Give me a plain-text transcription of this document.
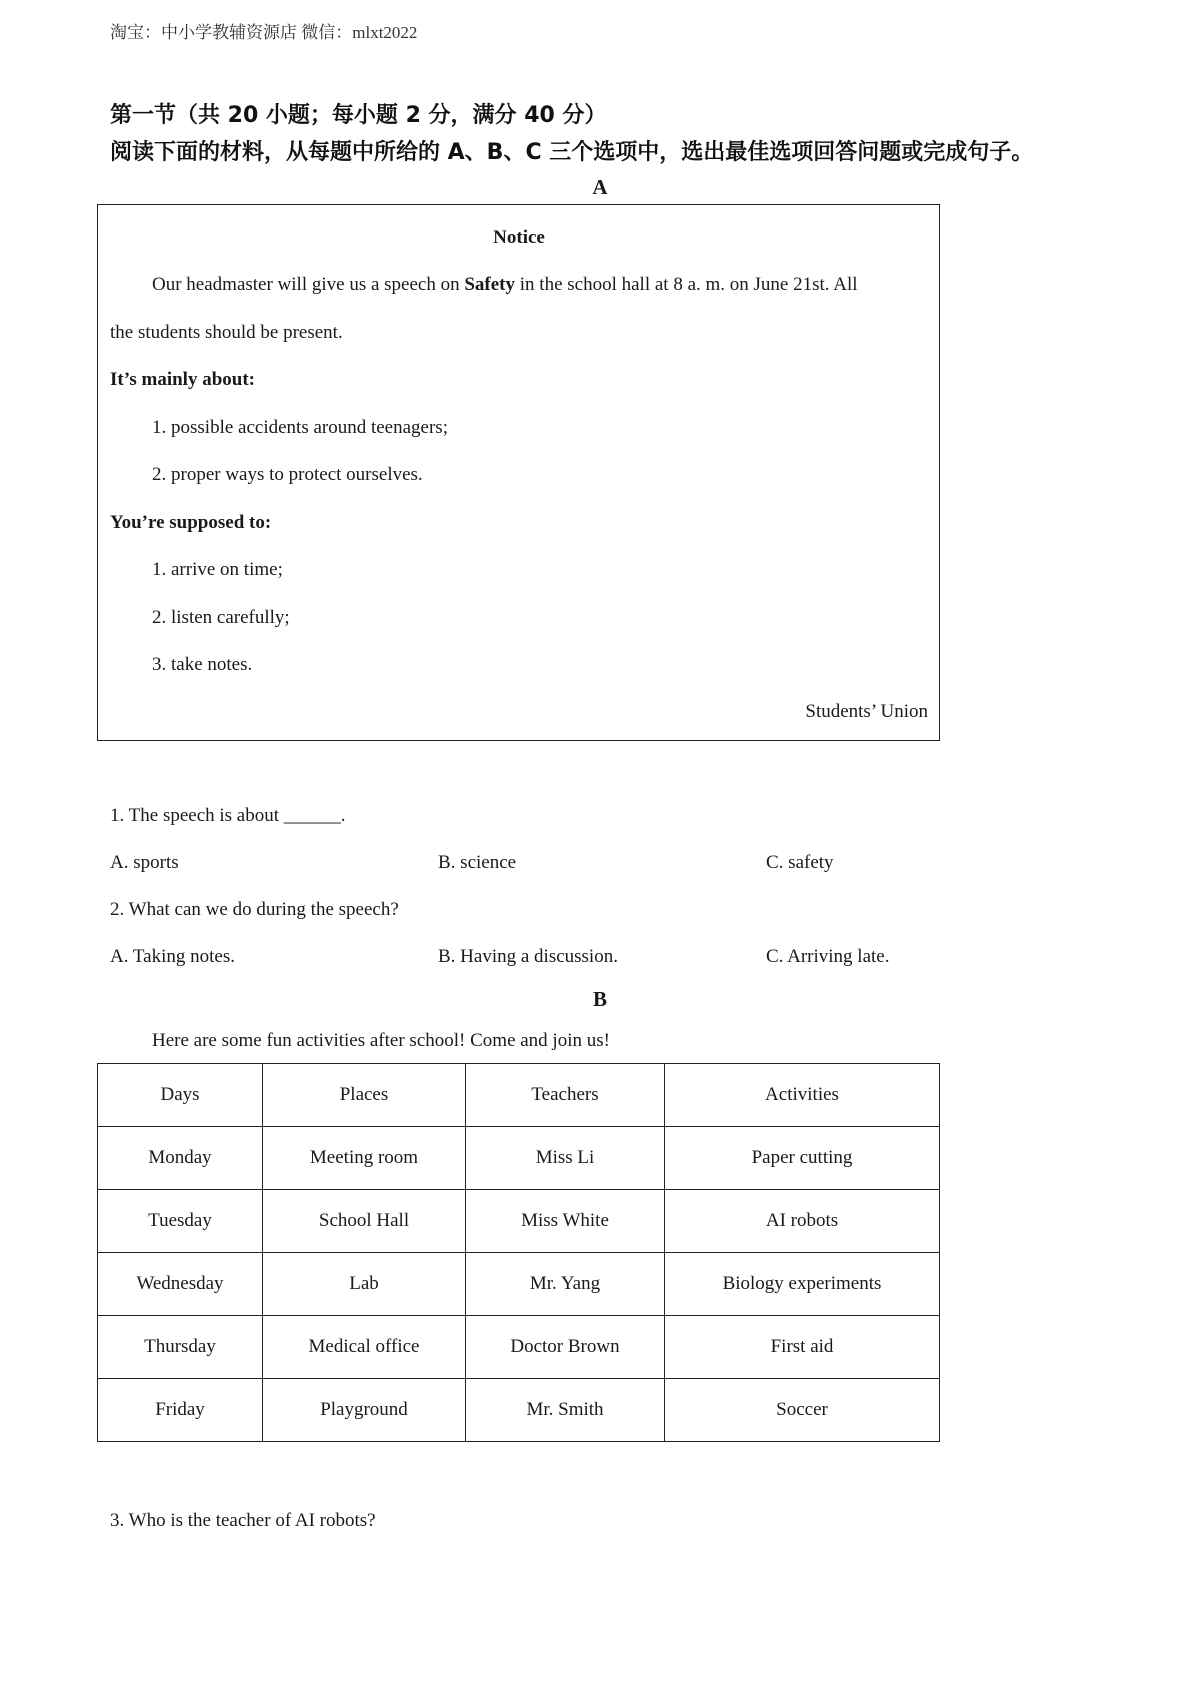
淘宝：中小学教辅资源店 微信：mlxt2022
第一节（共 20 小题；每小题 2 分，满分 40 分）
阅读下面的材料，从每题中所给的 A、B、C 三个选项中，选出最佳选项回答问题或完成句子。
A
Notice
Our headmaster will give us a speech on Safety in the school hall at 8 a. m. on June 21st. All
the students should be present.
It’s mainly about:
1. possible accidents around teenagers;
2. proper ways to protect ourselves.
You’re supposed to:
1. arrive on time;
2. listen carefully;
3. take notes.
Students’ Union
1. The speech is about ______.
A. sports	B. science	C. safety
2. What can we do during the speech?
A. Taking notes.	B. Having a discussion.	C. Arriving late.
B
Here are some fun activities after school! Come and join us!
Days	Places	Teachers	Activities
Monday	Meeting room	Miss Li	Paper cutting
Tuesday	School Hall	Miss White	AI robots
Wednesday	Lab	Mr. Yang	Biology experiments
Thursday	Medical office	Doctor Brown	First aid
Friday	Playground	Mr. Smith	Soccer
3. Who is the teacher of AI robots?
